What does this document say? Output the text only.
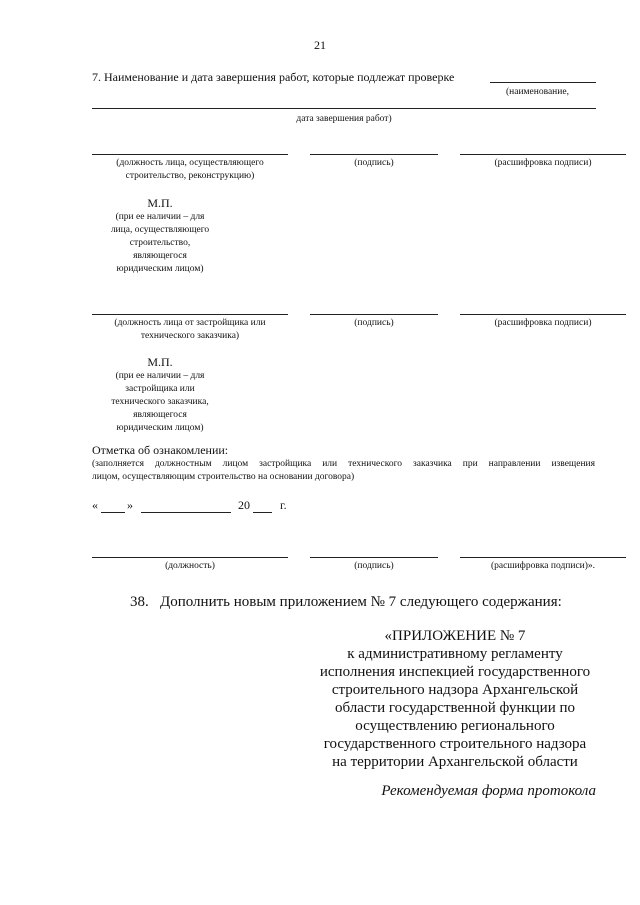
21
7. Наименование и дата завершения работ, которые подлежат проверке
(наименование,
дата завершения работ)
(должность лица, осуществляющего
строительство, реконструкцию)
(подпись)	(расшифровка подписи)
М.П.
(при ее наличии – для
лица, осуществляющего
строительство,
являющегося
юридическим лицом)
(должность лица от застройщика или
технического заказчика)
(подпись)	(расшифровка подписи)
М.П.
(при ее наличии – для
застройщика или
технического заказчика,
являющегося
юридическим лицом)
Отметка об ознакомлении:
(заполняется должностным лицом застройщика или технического заказчика при направлении извещения
лицом, осуществляющим строительство на основании договора)
« »	20	г.
(должность)	(подпись)	(расшифровка подписи)».
38.   Дополнить новым приложением № 7 следующего содержания:
«ПРИЛОЖЕНИЕ № 7
к административному регламенту
исполнения инспекцией государственного
строительного надзора Архангельской
области государственной функции по
осуществлению регионального
государственного строительного надзора
на территории Архангельской области
Рекомендуемая форма протокола
